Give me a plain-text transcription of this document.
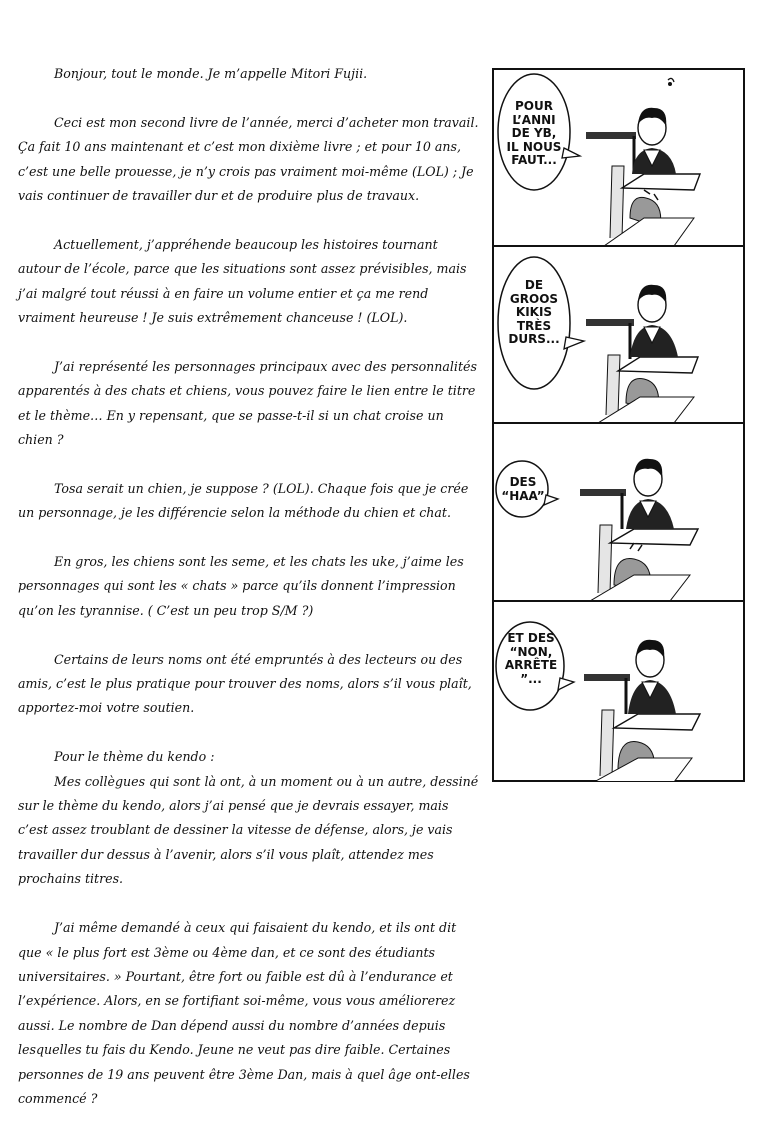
Bonjour, tout le monde. Je m’appelle Mitori Fujii.

Ceci est mon second livre de l’année, merci d’acheter mon travail. Ça fait 10 ans maintenant et c’est mon dixième livre ; et pour 10 ans, c’est une belle prouesse, je n’y crois pas vraiment moi-même (LOL) ; Je vais continuer de travailler dur et de produire plus de travaux.

Actuellement, j’appréhende beaucoup les histoires tournant autour de l’école, parce que les situations sont assez prévisibles, mais j’ai malgré tout réussi à en faire un volume entier et ça me rend vraiment heureuse ! Je suis extrêmement chanceuse ! (LOL).

J’ai représenté les personnages principaux avec des personnalités apparentés à des chats et chiens, vous pouvez faire le lien entre le titre et le thème… En y repensant, que se passe-t-il si un chat croise un chien ?

Tosa serait un chien, je suppose ? (LOL). Chaque fois que je crée un personnage, je les différencie selon la méthode du chien et chat.

En gros, les chiens sont les seme, et les chats les uke, j’aime les personnages qui sont les « chats » parce qu’ils donnent l’impression qu’on les tyrannise. ( C’est un peu trop S/M ?)

Certains de leurs noms ont été empruntés à des lecteurs ou des amis, c’est le plus pratique pour trouver des noms, alors s’il vous plaît, apportez-moi votre soutien.

Pour le thème du kendo :

Mes collègues qui sont là ont, à un moment ou à un autre, dessiné sur le thème du kendo, alors j’ai pensé que je devrais essayer, mais c’est assez troublant de dessiner la vitesse de défense, alors, je vais travailler dur dessus à l’avenir, alors s’il vous plaît, attendez mes prochains titres.

J’ai même demandé à ceux qui faisaient du kendo, et ils ont dit que « le plus fort est 3ème ou 4ème dan, et ce sont des étudiants universitaires. » Pourtant, être fort ou faible est dû à l’endurance et l’expérience. Alors, en se fortifiant soi-même, vous vous améliorerez aussi. Le nombre de Dan dépend aussi du nombre d’années depuis lesquelles tu fais du Kendo. Jeune ne veut pas dire faible. Certaines personnes de 19 ans peuvent être 3ème Dan, mais à quel âge ont-elles commencé ?

POUR
L’ANNI
DE YB,
IL NOUS
FAUT...
DE
GROOS
KIKIS
TRÈS
DURS...
DES
“HAA”
ET DES
“NON,
ARRÊTE
”...
